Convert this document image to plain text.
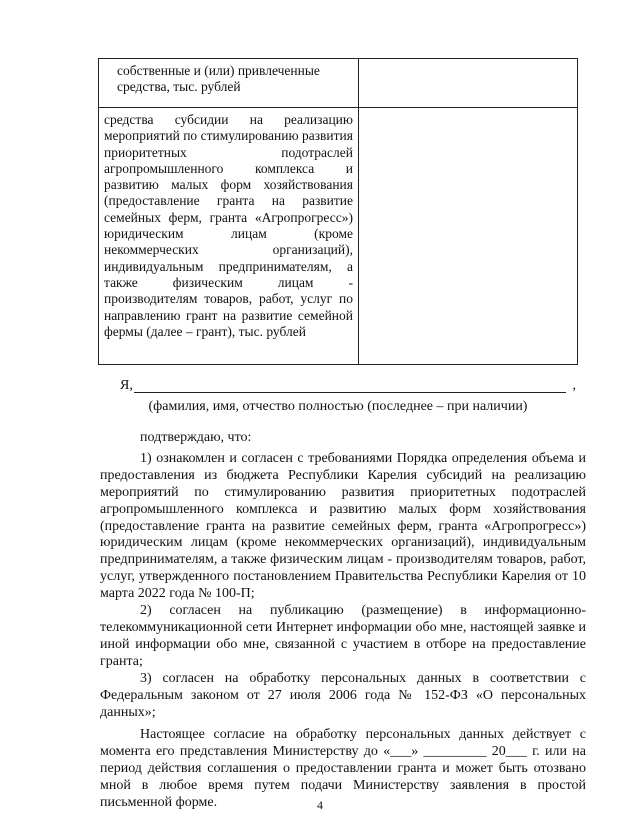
собственные и (или) привлеченные средства, тыс. рублей	
средства субсидии на реализацию мероприятий по стимулированию развития приоритетных подотраслей агропромышленного комплекса и развитию малых форм хозяйствования (предоставление гранта на развитие семейных ферм, гранта «Агропрогресс») юридическим лицам (кроме некоммерческих организаций), индивидуальным предпринимателям, а также физическим лицам - производителям товаров, работ, услуг по направлению грант на развитие семейной фермы (далее – грант), тыс. рублей	
Я,	,
(фамилия, имя, отчество полностью (последнее – при наличии)

подтверждаю, что:

1) ознакомлен и согласен с требованиями Порядка определения объема и предоставления из бюджета Республики Карелия субсидий на реализацию мероприятий по стимулированию развития приоритетных подотраслей агропромышленного комплекса и развитию малых форм хозяйствования (предоставление гранта на развитие семейных ферм, гранта «Агропрогресс») юридическим лицам (кроме некоммерческих организаций), индивидуальным предпринимателям, а также физическим лицам - производителям товаров, работ, услуг, утвержденного постановлением Правительства Республики Карелия от 10 марта 2022 года № 100-П;

2) согласен на публикацию (размещение) в информационно-телекоммуникационной сети Интернет информации обо мне, настоящей заявке и иной информации обо мне, связанной с участием в отборе на предоставление гранта;

3) согласен на обработку персональных данных в соответствии с Федеральным законом от 27 июля 2006 года № 152-ФЗ «О персональных данных»;

Настоящее согласие на обработку персональных данных действует с момента его представления Министерству до «___» _________ 20___ г. или на период действия соглашения о предоставлении гранта и может быть отозвано мной в любое время путем подачи Министерству заявления в простой письменной форме.	4
